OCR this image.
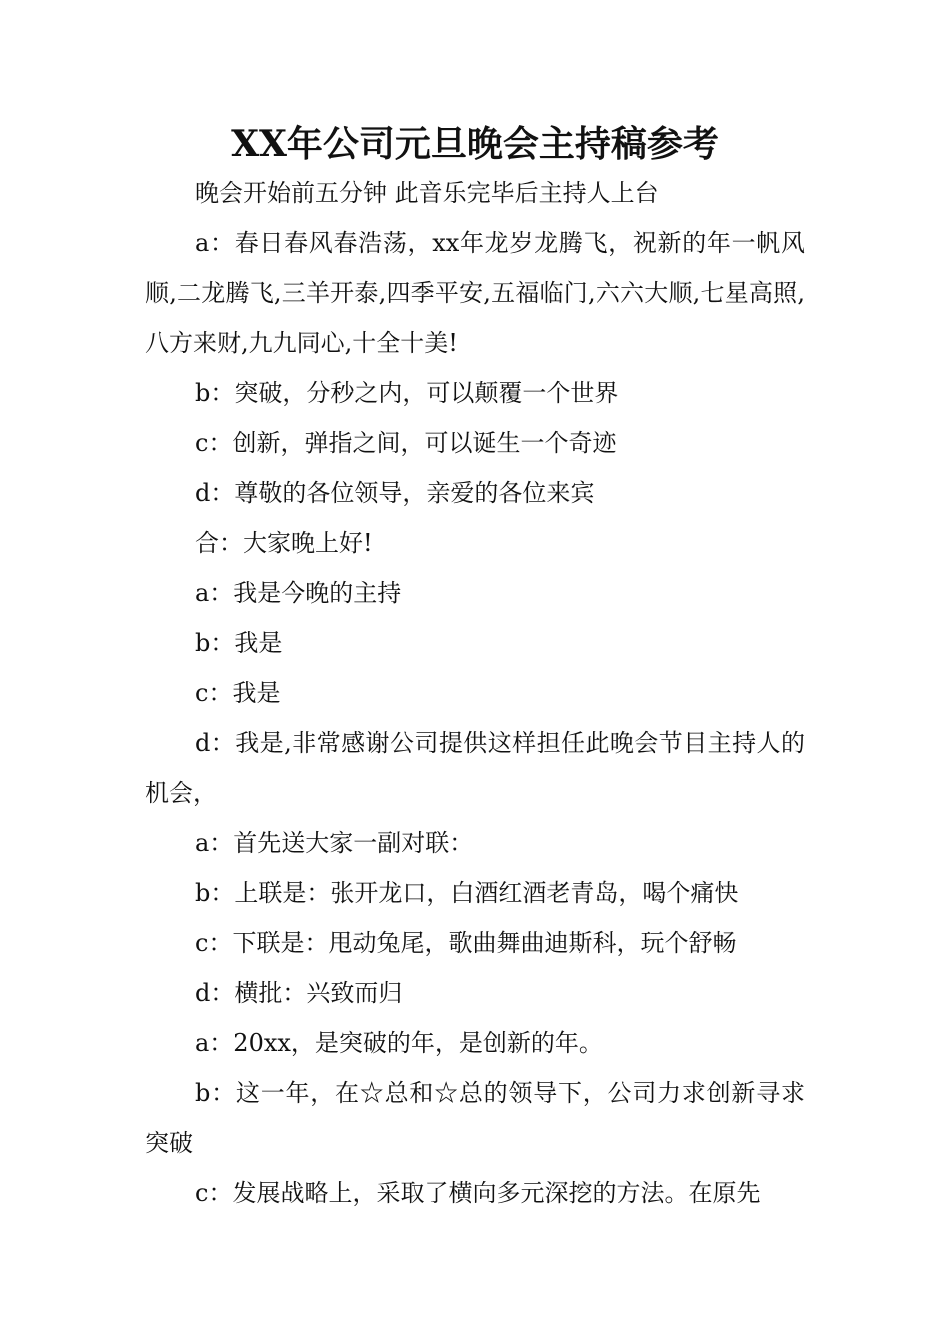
XX年公司元旦晚会主持稿参考

晚会开始前五分钟 此音乐完毕后主持人上台

a：春日春风春浩荡，xx年龙岁龙腾飞，祝新的年一帆风顺,二龙腾飞,三羊开泰,四季平安,五福临门,六六大顺,七星高照,八方来财,九九同心,十全十美!

b：突破，分秒之内，可以颠覆一个世界

c：创新，弹指之间，可以诞生一个奇迹

d：尊敬的各位领导，亲爱的各位来宾

合：大家晚上好!

a：我是今晚的主持

b：我是

c：我是

d：我是,非常感谢公司提供这样担任此晚会节目主持人的机会，

a：首先送大家一副对联：

b：上联是：张开龙口，白酒红酒老青岛，喝个痛快

c：下联是：甩动兔尾，歌曲舞曲迪斯科，玩个舒畅

d：横批：兴致而归

a：20xx，是突破的年，是创新的年。

b：这一年，在☆总和☆总的领导下，公司力求创新寻求突破

c：发展战略上，采取了横向多元深挖的方法。在原先
